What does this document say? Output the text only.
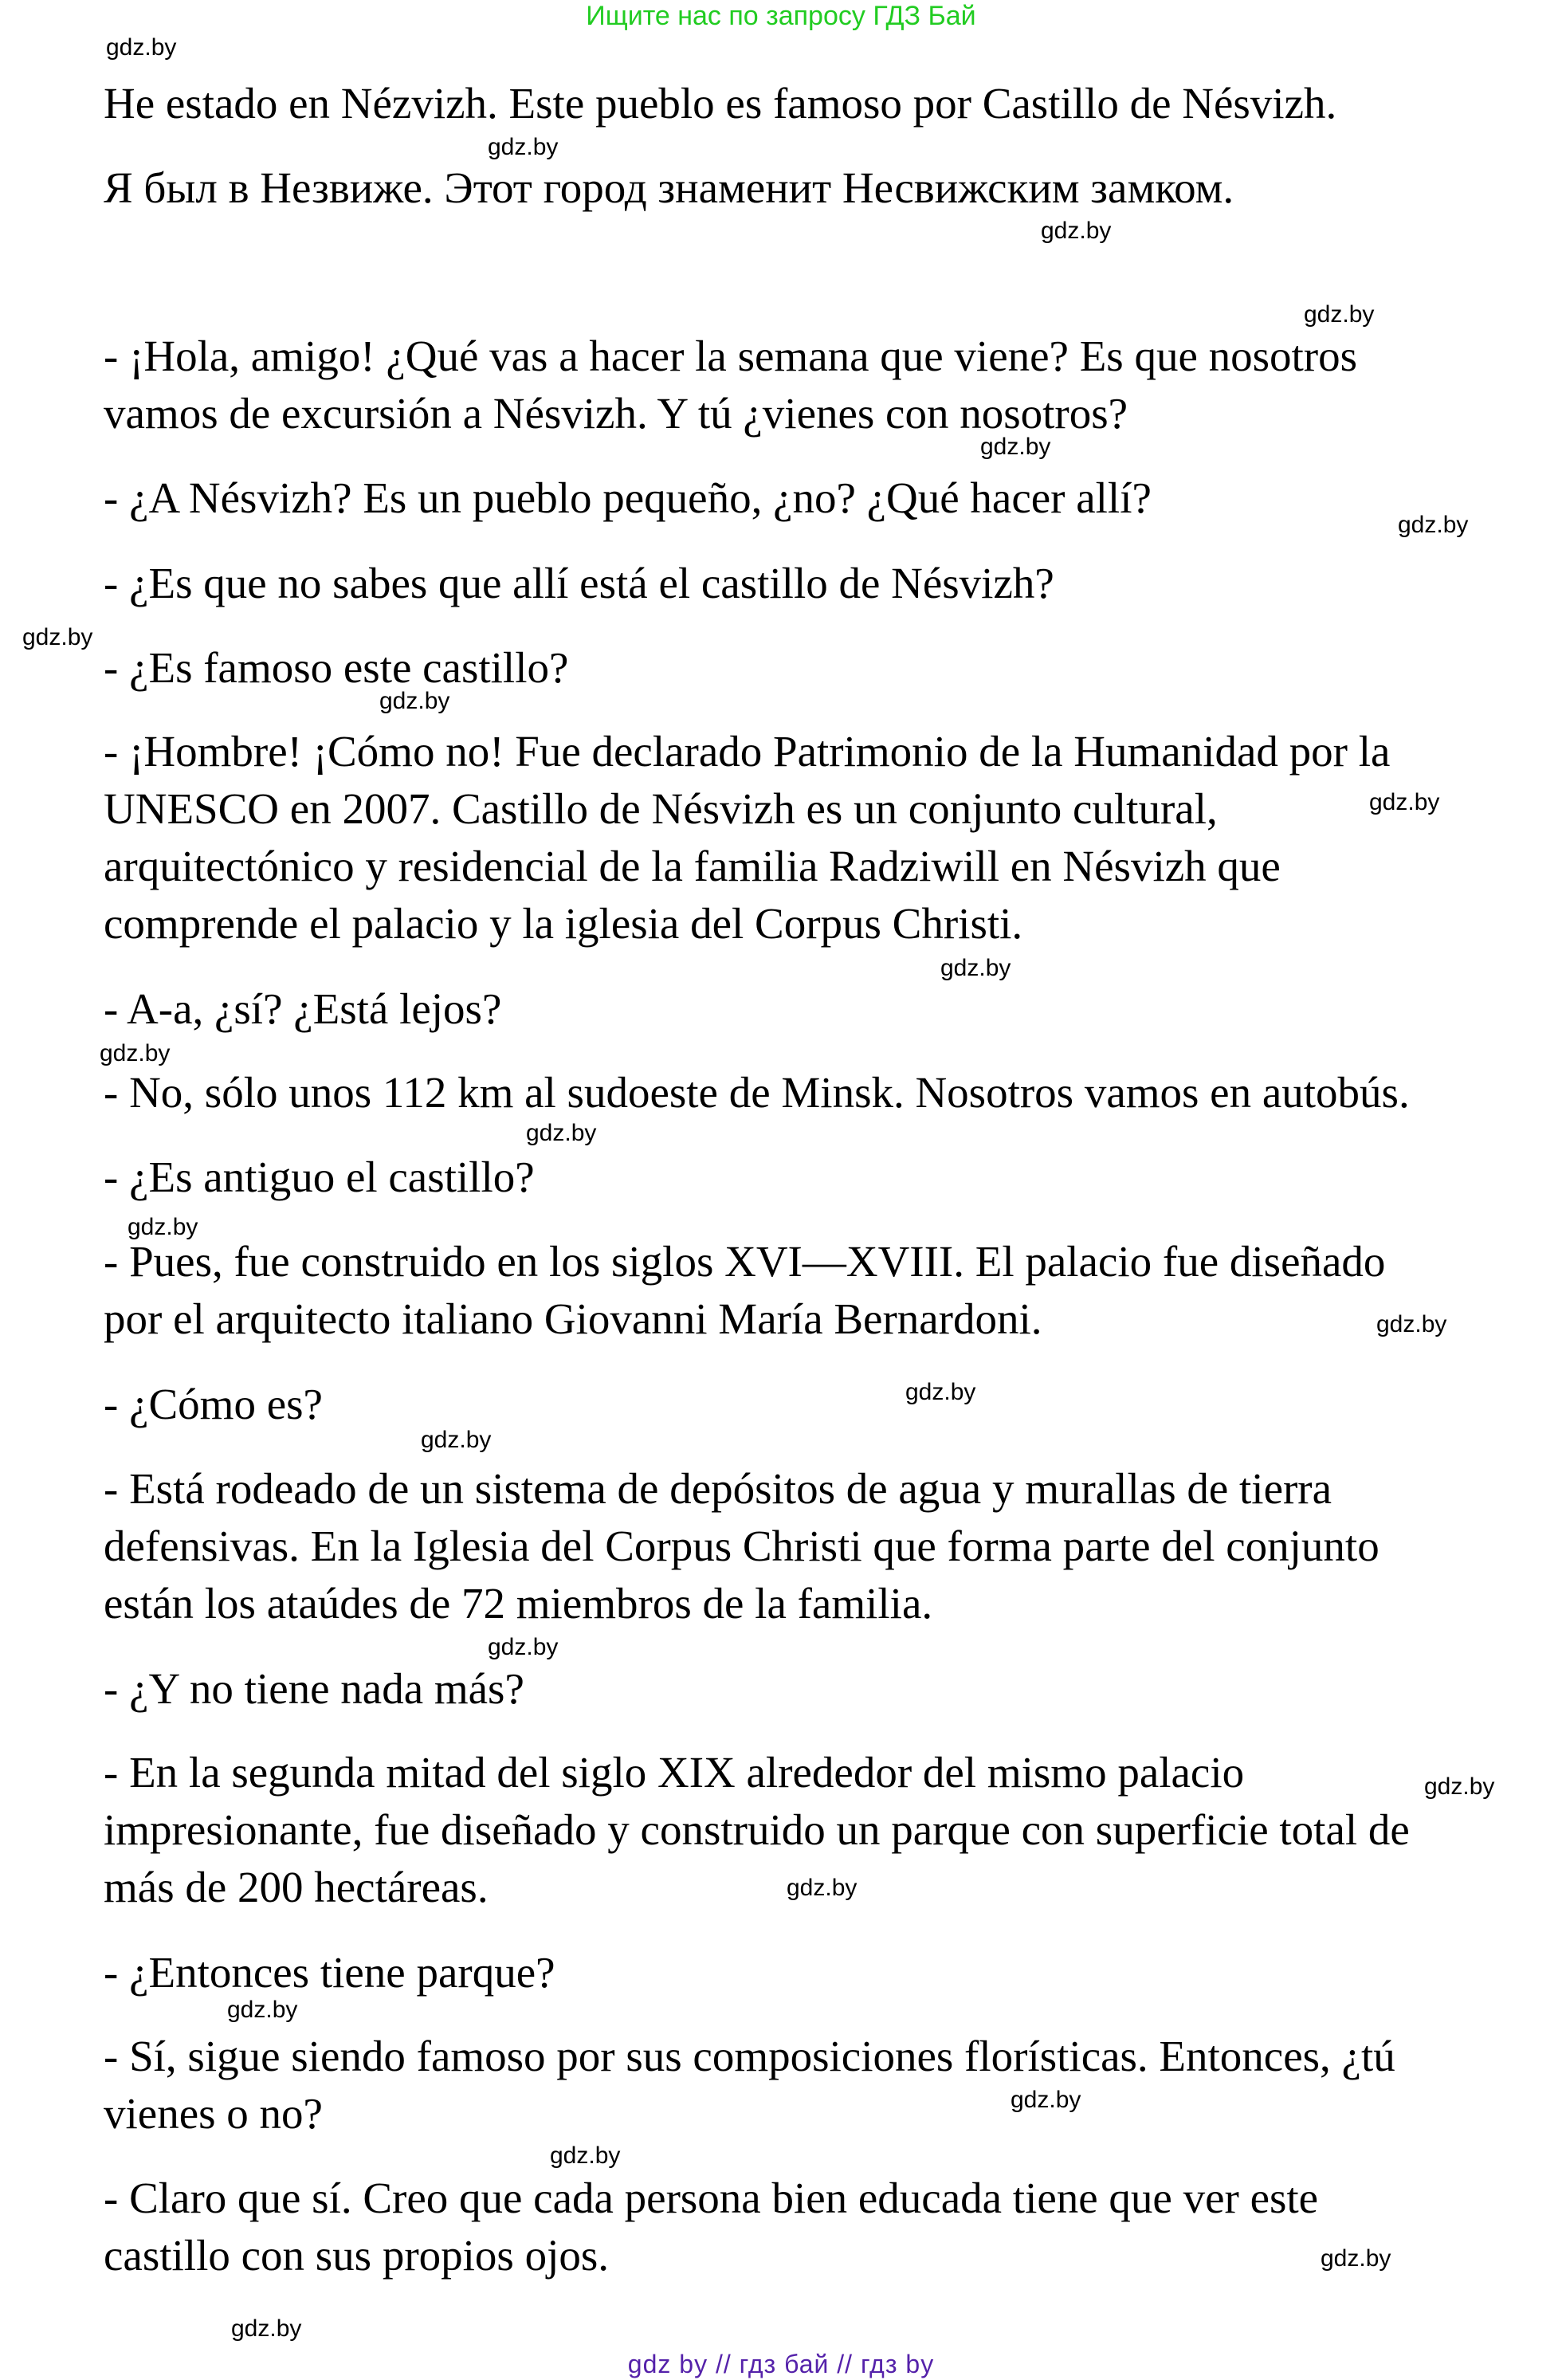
Ищите нас по запросу ГДЗ Бай
He estado en Nézvizh. Este pueblo es famoso por Castillo de Nésvizh.
Я был в Незвиже. Этот город знаменит Несвижским замком.
- ¡Hola, amigo! ¿Qué vas a hacer la semana que viene? Es que nosotros
vamos de excursión a Nésvizh. Y tú ¿vienes con nosotros?
- ¿A Nésvizh? Es un pueblo pequeño, ¿no? ¿Qué hacer allí?
- ¿Es que no sabes que allí está el castillo de Nésvizh?
- ¿Es famoso este castillo?
- ¡Hombre! ¡Cómo no! Fue declarado Patrimonio de la Humanidad por la
UNESCO en 2007. Castillo de Nésvizh es un conjunto cultural,
arquitectónico y residencial de la familia Radziwill en Nésvizh que
comprende el palacio y la iglesia del Corpus Christi.
- A-a, ¿sí? ¿Está lejos?
- No, sólo unos 112 km al sudoeste de Minsk. Nosotros vamos en autobús.
- ¿Es antiguo el castillo?
- Pues, fue construido en los siglos XVI—XVIII. El palacio fue diseñado
por el arquitecto italiano Giovanni María Bernardoni.
- ¿Cómo es?
- Está rodeado de un sistema de depósitos de agua y murallas de tierra
defensivas. En la Iglesia del Corpus Christi que forma parte del conjunto
están los ataúdes de 72 miembros de la familia.
- ¿Y no tiene nada más?
- En la segunda mitad del siglo XIX alrededor del mismo palacio
impresionante, fue diseñado y construido un parque con superficie total de
más de 200 hectáreas.
- ¿Entonces tiene parque?
- Sí, sigue siendo famoso por sus composiciones florísticas. Entonces, ¿tú
vienes o no?
- Claro que sí. Creo que cada persona bien educada tiene que ver este
castillo con sus propios ojos.
gdz.by
gdz.by
gdz.by
gdz.by
gdz.by
gdz.by
gdz.by
gdz.by
gdz.by
gdz.by
gdz.by
gdz.by
gdz.by
gdz.by
gdz.by
gdz.by
gdz.by
gdz.by
gdz.by
gdz.by
gdz.by
gdz.by
gdz.by
gdz.by
gdz by // гдз бай // гдз by
